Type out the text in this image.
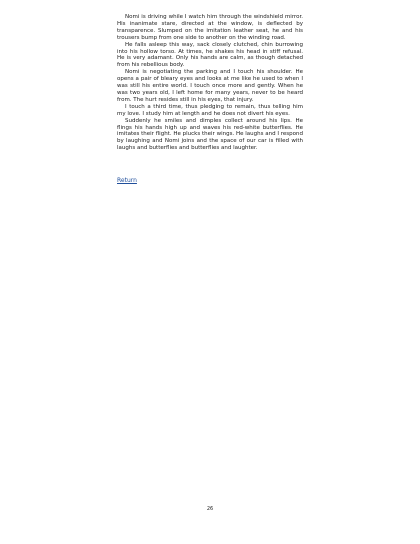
Nomi is driving while I watch him through the windshield mirror. His inanimate stare, directed at the window, is deflected by transparence. Slumped on the imitation leather seat, he and his trousers bump from one side to another on the winding road.

He falls asleep this way, sack closely clutched, chin burrowing into his hollow torso. At times, he shakes his head in stiff refusal. He is very adamant. Only his hands are calm, as though detached from his rebellious body.

Nomi is negotiating the parking and I touch his shoulder. He opens a pair of bleary eyes and looks at me like he used to when I was still his entire world. I touch once more and gently. When he was two years old, I left home for many years, never to be heard from. The hurt resides still in his eyes, that injury.

I touch a third time, thus pledging to remain, thus telling him my love. I study him at length and he does not divert his eyes.

Suddenly he smiles and dimples collect around his lips. He flings his hands high up and waves his red-white butterflies. He imitates their flight. He plucks their wings. He laughs and I respond by laughing and Nomi joins and the space of our car is filled with laughs and butterflies and butterflies and laughter.

Return
26
